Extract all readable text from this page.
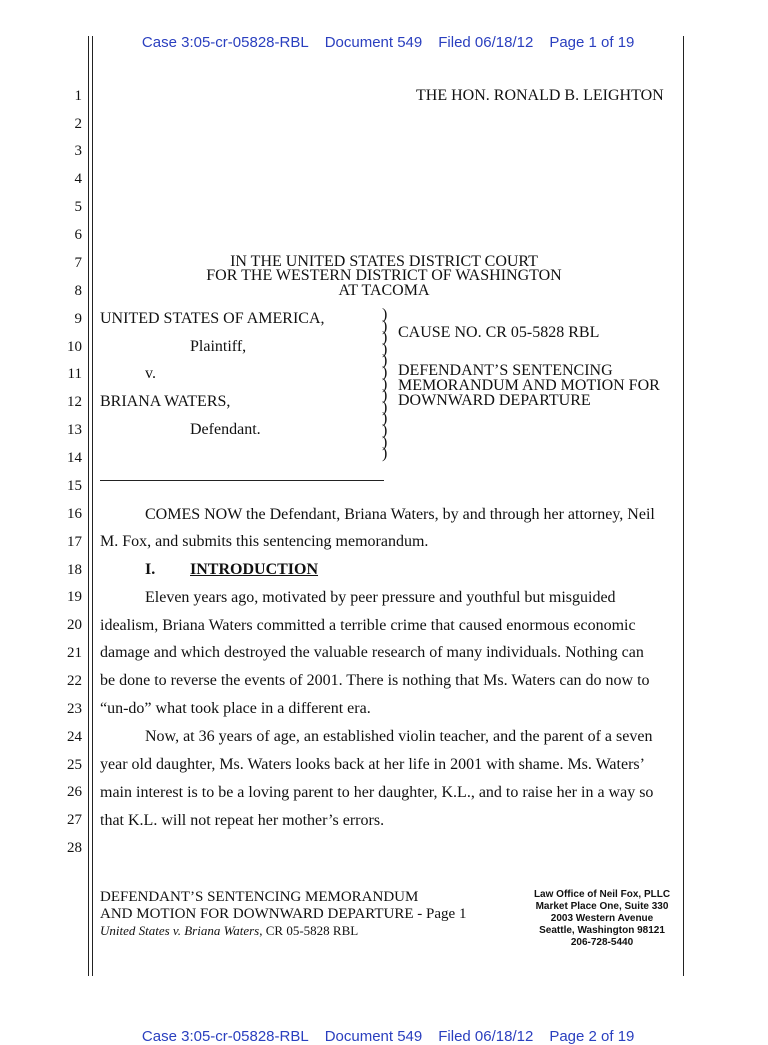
Case 3:05-cr-05828-RBL Document 549 Filed 06/18/12 Page 1 of 19

1
2
3
4
5
6
7
8
9
10
11
12
13
14
15
16
17
18
19
20
21
22
23
24
25
26
27
28
THE HON. RONALD B. LEIGHTON
IN THE UNITED STATES DISTRICT COURT
FOR THE WESTERN DISTRICT OF WASHINGTON
AT TACOMA
UNITED STATES OF AMERICA,
Plaintiff,
v.
BRIANA WATERS,
Defendant.
)
)
)
)
)
)
)
)
)
)
)
)
)
CAUSE NO. CR 05-5828 RBL
DEFENDANT’S SENTENCING
MEMORANDUM AND MOTION FOR
DOWNWARD DEPARTURE
COMES NOW the Defendant, Briana Waters, by and through her attorney, Neil
M. Fox, and submits this sentencing memorandum.
I. INTRODUCTION
Eleven years ago, motivated by peer pressure and youthful but misguided
idealism, Briana Waters committed a terrible crime that caused enormous economic
damage and which destroyed the valuable research of many individuals. Nothing can
be done to reverse the events of 2001. There is nothing that Ms. Waters can do now to
“un-do” what took place in a different era.
Now, at 36 years of age, an established violin teacher, and the parent of a seven
year old daughter, Ms. Waters looks back at her life in 2001 with shame. Ms. Waters’
main interest is to be a loving parent to her daughter, K.L., and to raise her in a way so
that K.L. will not repeat her mother’s errors.
DEFENDANT’S SENTENCING MEMORANDUM
AND MOTION FOR DOWNWARD DEPARTURE - Page 1
United States v. Briana Waters, CR 05-5828 RBL
Law Office of Neil Fox, PLLC
Market Place One, Suite 330
2003 Western Avenue
Seattle, Washington 98121
206-728-5440

Case 3:05-cr-05828-RBL Document 549 Filed 06/18/12 Page 2 of 19
